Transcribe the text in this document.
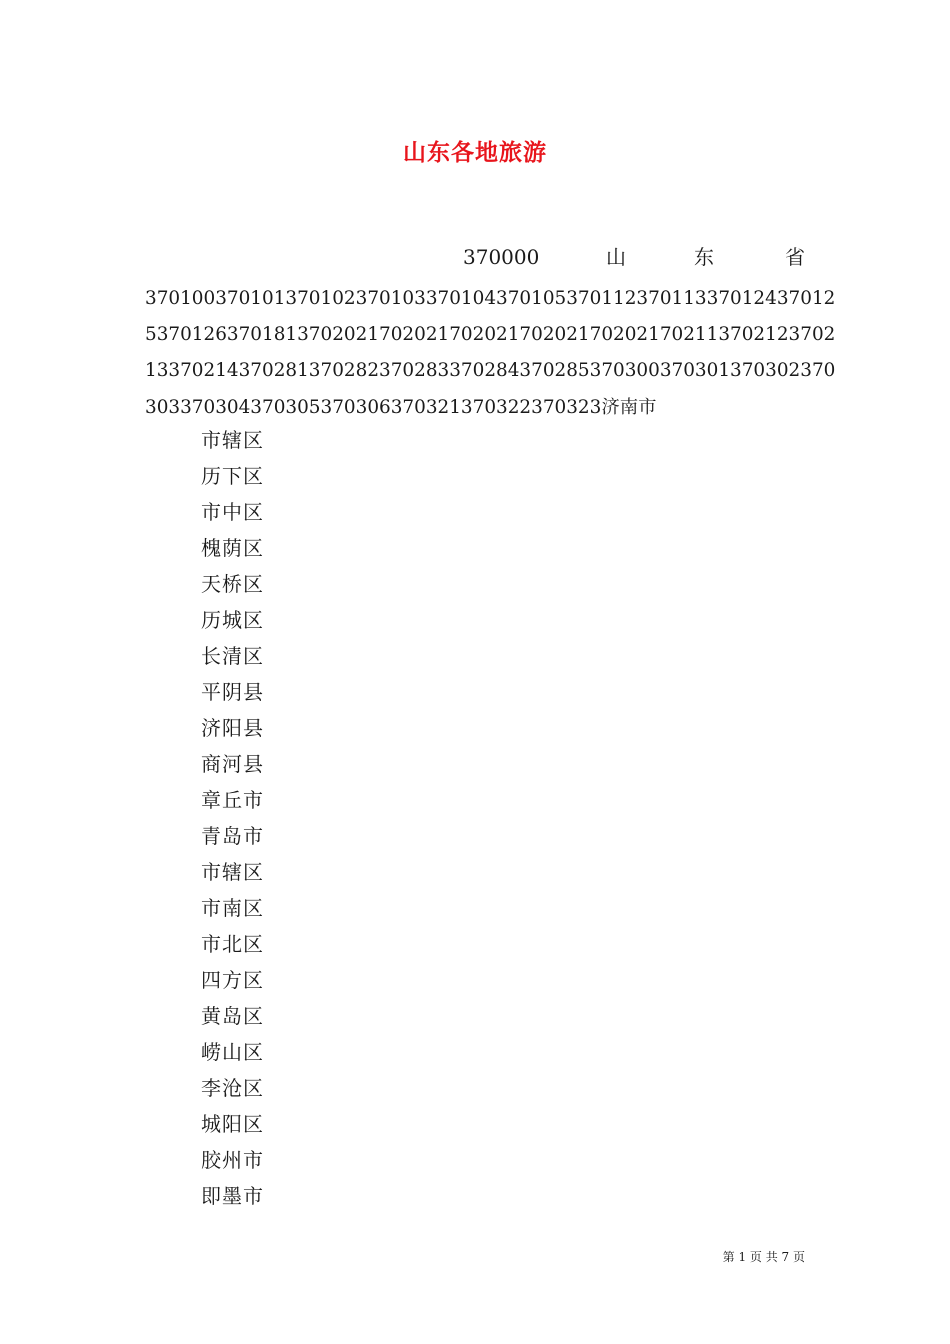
山东各地旅游
370000	山	东	省
370100370101370102370103370104370105370112370113370124370​12
5370126370181370202170202170202170202170202170211370212370​2
13370214370281370282370283370284370285370300370301370302370
30337030437030537030637032137032237032​3济南市
市辖区
历下区
市中区
槐荫区
天桥区
历城区
长清区
平阴县
济阳县
商河县
章丘市
青岛市
市辖区
市南区
市北区
四方区
黄岛区
崂山区
李沧区
城阳区
胶州市
即墨市
第 1 页 共 7 页
